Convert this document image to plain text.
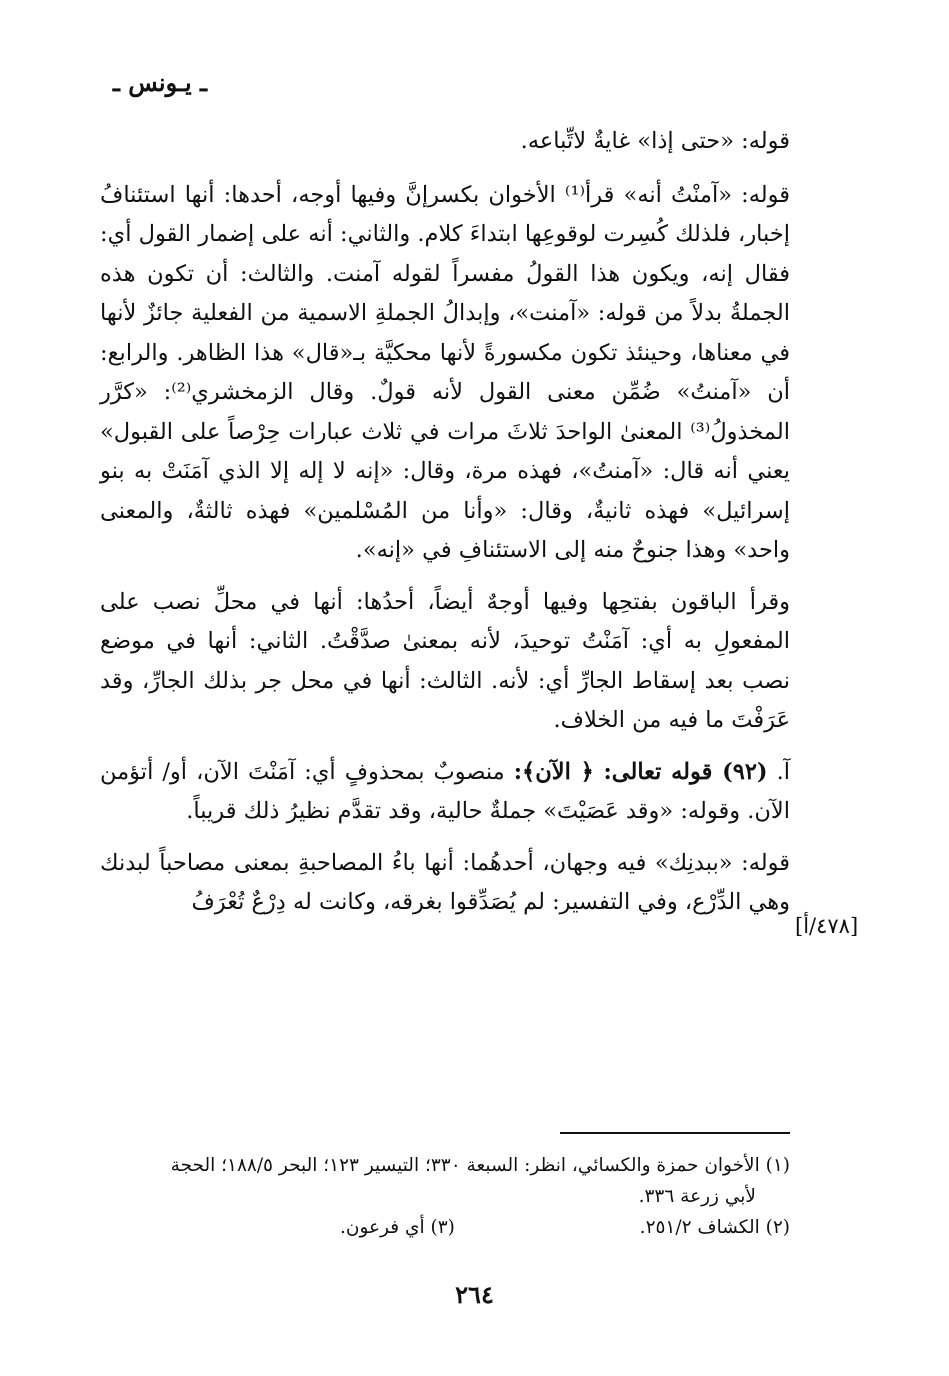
ـ يـونس ـ

قوله: «حتى إذا» غايةٌ لاتِّباعه.

قوله: «آمنْتُ أنه» قرأ⁽¹⁾ الأخوان بكسرإنَّ وفيها أوجه، أحدها: أنها استئنافُ إخبار، فلذلك كُسِرت لوقوعِها ابتداءَ كلام. والثاني: أنه على إضمار القول أي: فقال إنه، ويكون هذا القولُ مفسراً لقوله آمنت. والثالث: أن تكون هذه الجملةُ بدلاً من قوله: «آمنت»، وإبدالُ الجملةِ الاسمية من الفعلية جائزٌ لأنها في معناها، وحينئذ تكون مكسورةً لأنها محكيَّة بـ«قال» هذا الظاهر. والرابع: أن «آمنتُ» ضُمِّن معنى القول لأنه قولٌ. وقال الزمخشري⁽²⁾: «كرَّر المخذولُ⁽³⁾ المعنىٰ الواحدَ ثلاثَ مرات في ثلاث عبارات حِرْصاً على القبول» يعني أنه قال: «آمنتُ»، فهذه مرة، وقال: «إنه لا إله إلا الذي آمَنَتْ به بنو إسرائيل» فهذه ثانيةٌ، وقال: «وأنا من المُسْلمين» فهذه ثالثةٌ، والمعنى واحد» وهذا جنوحٌ منه إلى الاستئنافِ في «إنه».

وقرأ الباقون بفتحِها وفيها أوجهٌ أيضاً، أحدُها: أنها في محلِّ نصب على المفعولِ به أي: آمَنْتُ توحيدَ، لأنه بمعنىٰ صدَّقْتُ. الثاني: أنها في موضع نصب بعد إسقاط الجارِّ أي: لأنه. الثالث: أنها في محل جر بذلك الجارِّ، وقد عَرَفْتَ ما فيه من الخلاف.

آ. (٩٢) قوله تعالى: ﴿ الآن﴾: منصوبٌ بمحذوفٍ أي: آمَنْتَ الآن، أو/ أتؤمن الآن. وقوله: «وقد عَصَيْتَ» جملةٌ حالية، وقد تقدَّم نظيرُ ذلك قريباً.

قوله: «ببدنِك» فيه وجهان، أحدهُما: أنها باءُ المصاحبةِ بمعنى مصاحباً لبدنك وهي الدِّرْع، وفي التفسير: لم يُصَدِّقوا بغرقه، وكانت له دِرْعٌ تُعْرَفُ

[٤٧٨/أ]
(١) الأخوان حمزة والكسائي، انظر: السبعة ٣٣٠؛ التيسير ١٢٣؛ البحر ١٨٨/٥؛ الحجة
لأبي زرعة ٣٣٦.
(٢) الكشاف ٢٥١/٢.
(٣) أي فرعون.
٢٦٤
